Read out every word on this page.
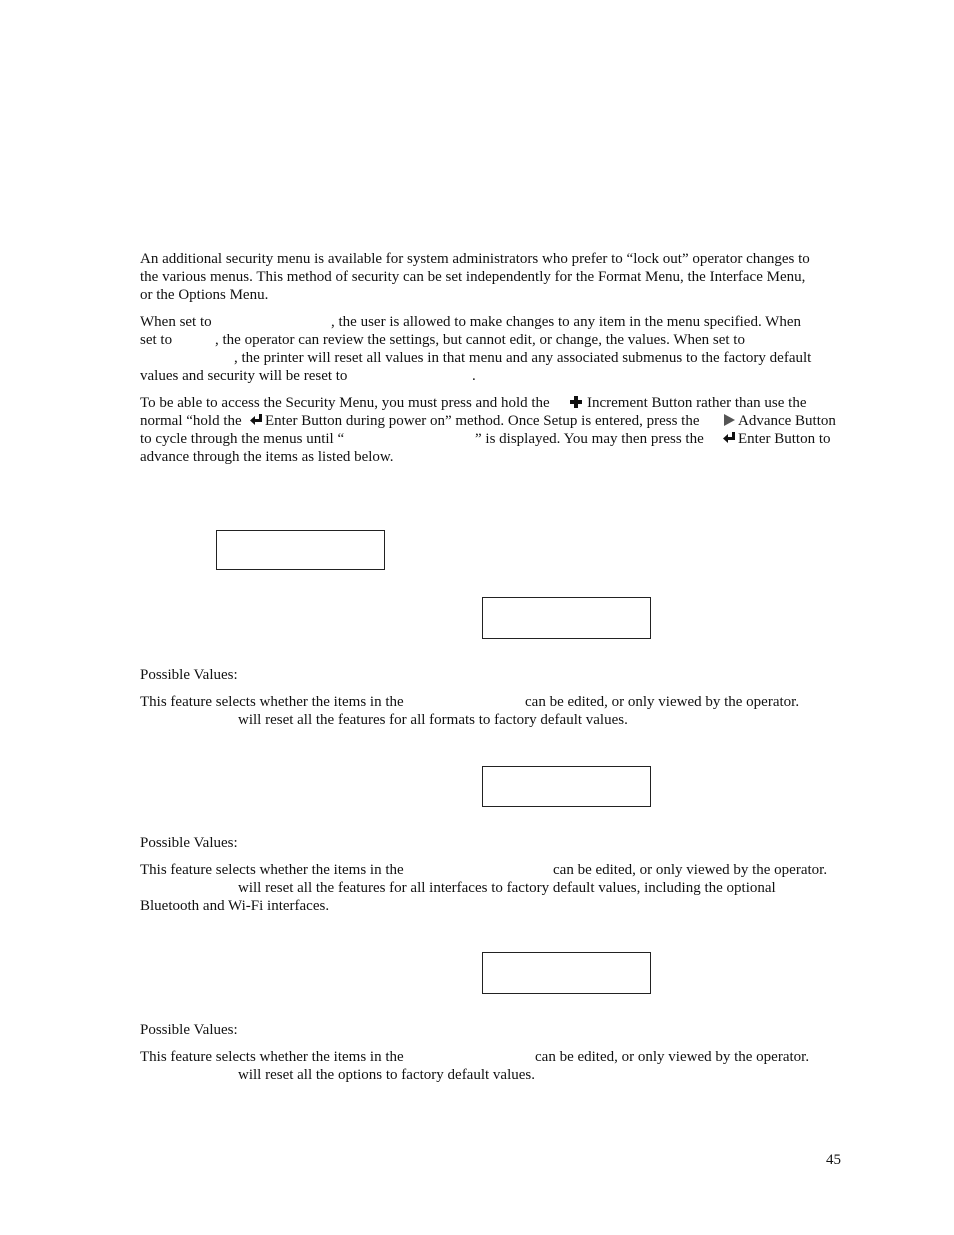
An additional security menu is available for system administrators who prefer to “lock out” operator changes to
the various menus. This method of security can be set independently for the Format Menu, the Interface Menu,
or the Options Menu.
When set to	, the user is allowed to make changes to any item in the menu specified. When
set to	, the operator can review the settings, but cannot edit, or change, the values. When set to
, the printer will reset all values in that menu and any associated submenus to the factory default
values and security will be reset to	.
To be able to access the Security Menu, you must press and hold the Increment Button rather than use the
normal “hold the Enter Button during power on” method. Once Setup is entered, press the	Advance Button
to cycle through the menus until “	” is displayed. You may then press the Enter Button to
advance through the items as listed below.
Possible Values:
This feature selects whether the items in the	can be edited, or only viewed by the operator.
will reset all the features for all formats to factory default values.
Possible Values:
This feature selects whether the items in the	can be edited, or only viewed by the operator.
will reset all the features for all interfaces to factory default values, including the optional
Bluetooth and Wi-Fi interfaces.
Possible Values:
This feature selects whether the items in the	can be edited, or only viewed by the operator.
will reset all the options to factory default values.
45
